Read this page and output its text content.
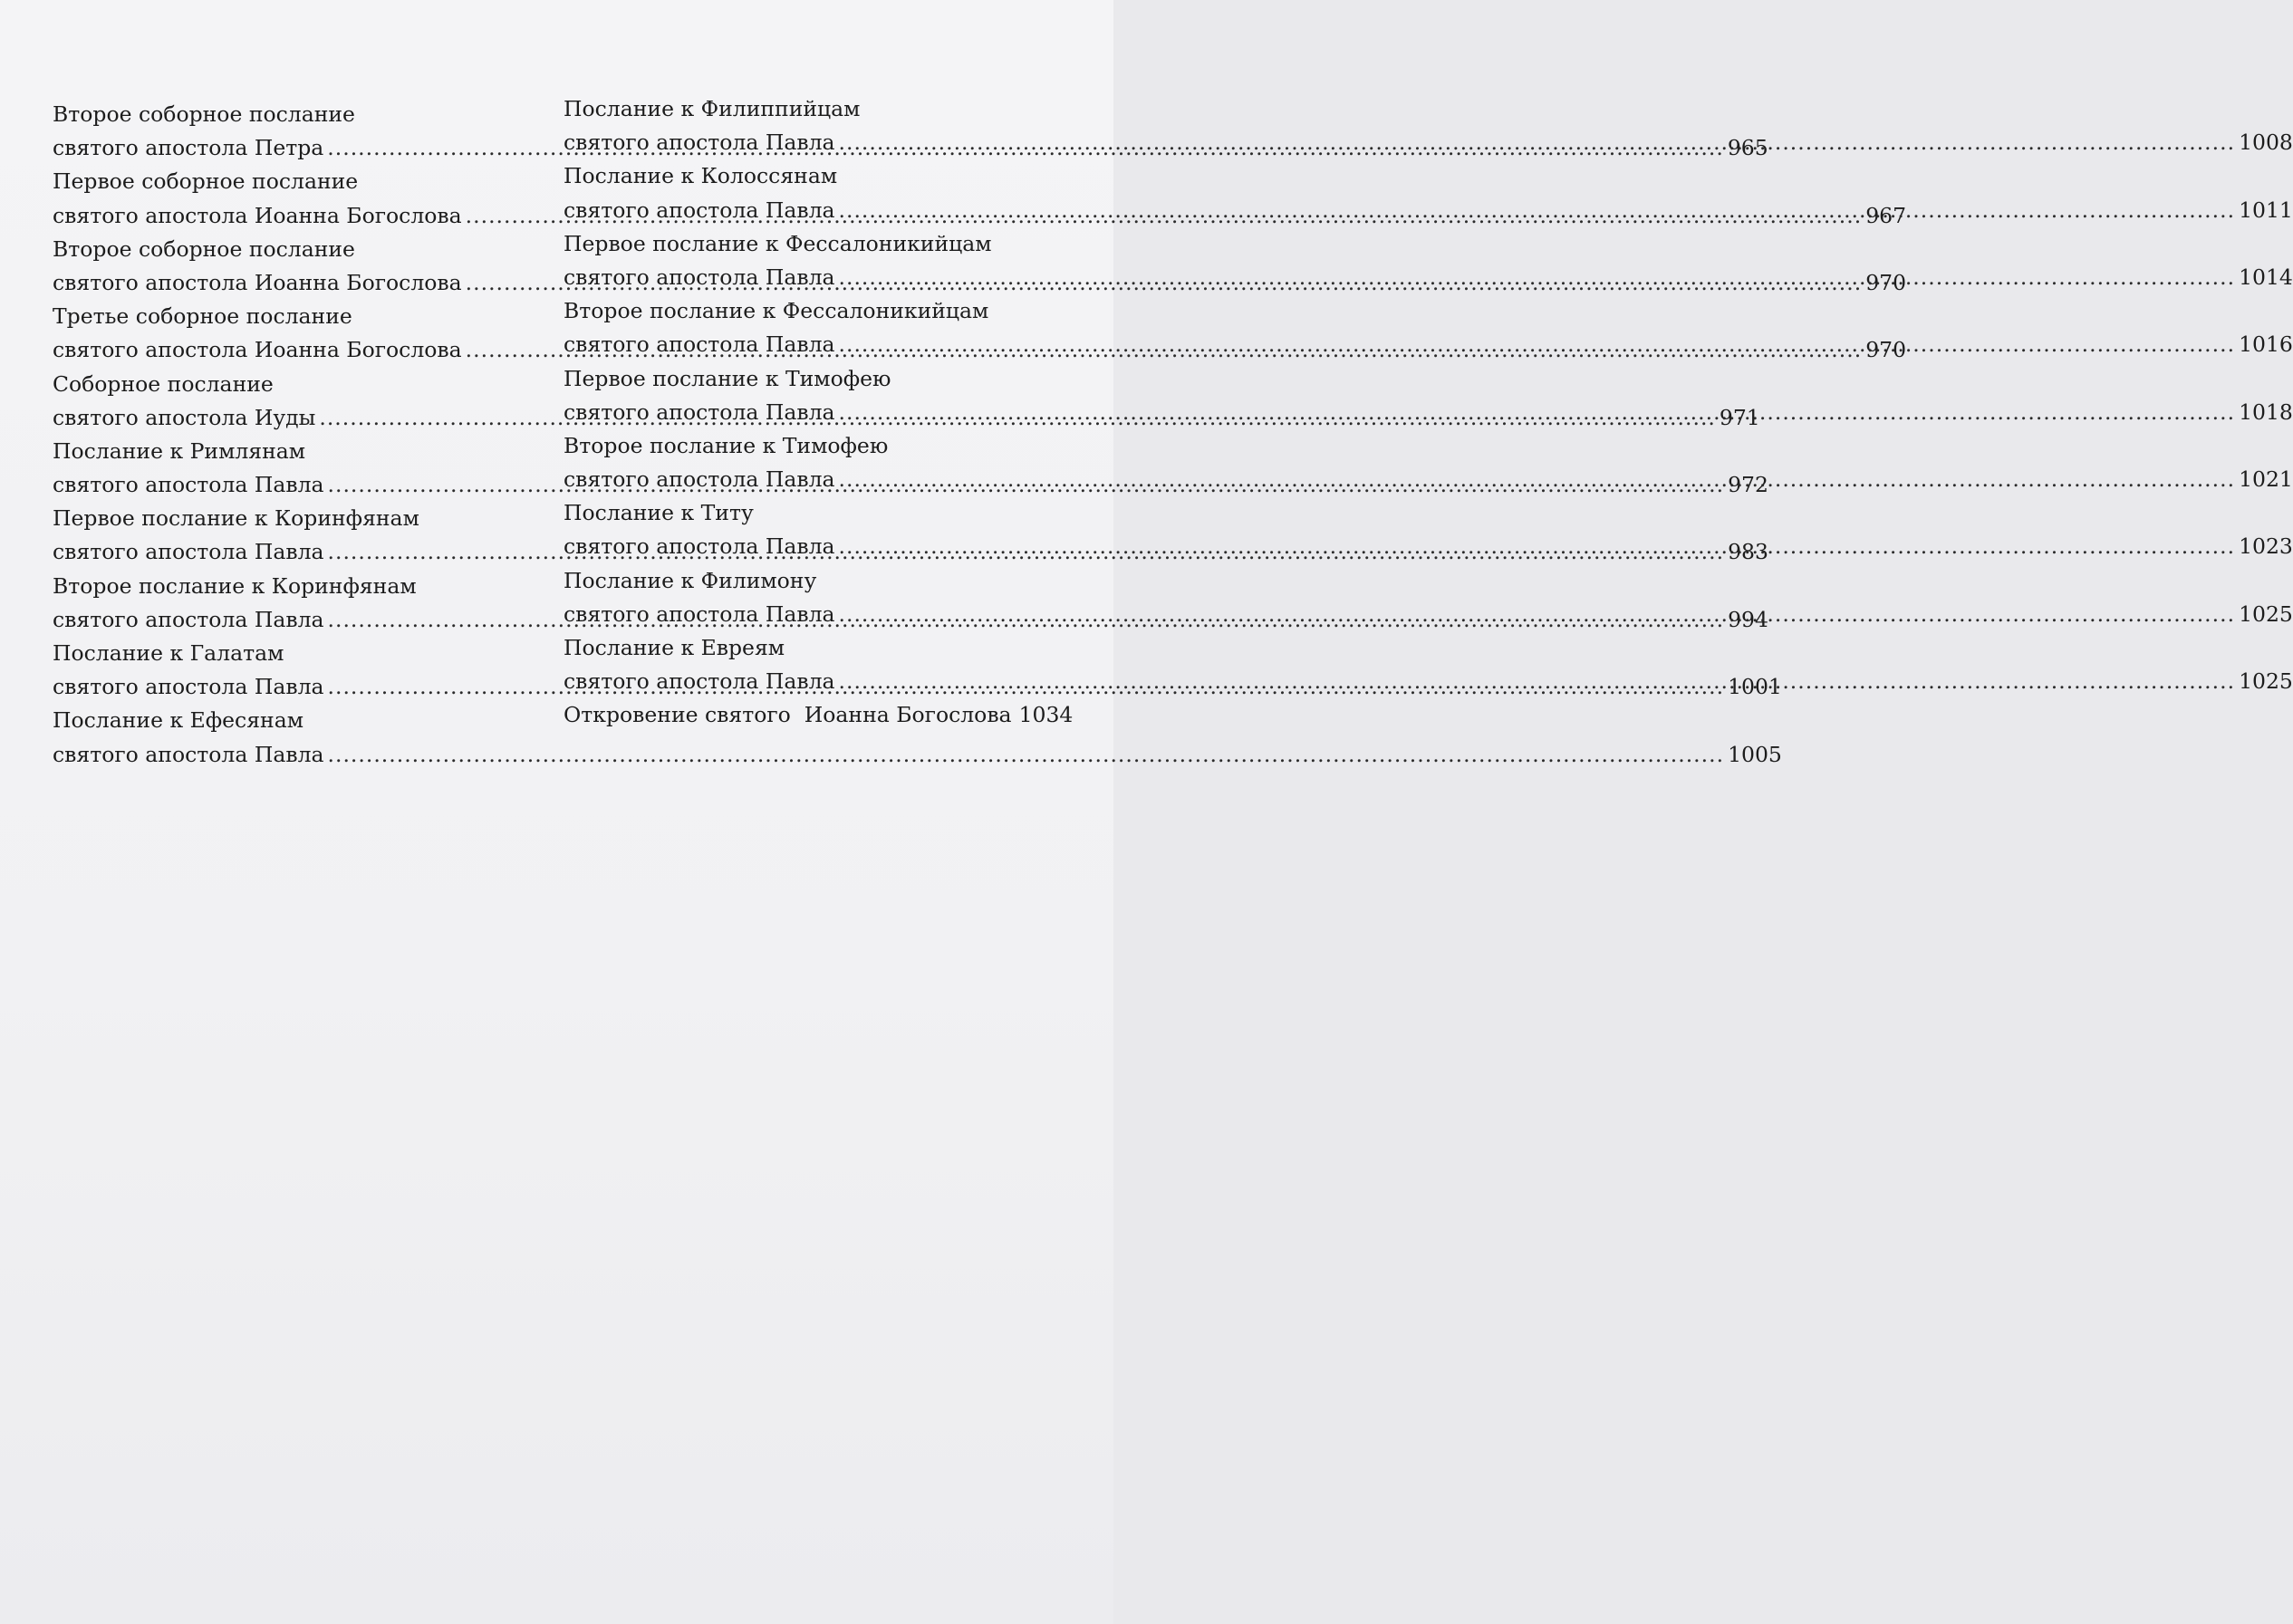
Второе соборное послание
святого апостола Петра .....	965
Первое соборное послание
святого апостола Иоанна Богослова .....	967
Второе соборное послание
святого апостола Иоанна Богослова .....	970
Третье соборное послание
святого апостола Иоанна Богослова .....	970
Соборное послание
святого апостола Иуды .....	971
Послание к Римлянам
святого апостола Павла .....	972
Первое послание к Коринфянам
святого апостола Павла .....	983
Второе послание к Коринфянам
святого апостола Павла .....	994
Послание к Галатам
святого апостола Павла .....	1001
Послание к Ефесянам
святого апостола Павла .....	1005
Послание к Филиппийцам
святого апостола Павла .....	1008
Послание к Колоссянам
святого апостола Павла .....	1011
Первое послание к Фессалоникийцам
святого апостола Павла .....	1014
Второе послание к Фессалоникийцам
святого апостола Павла .....	1016
Первое послание к Тимофею
святого апостола Павла .....	1018
Второе послание к Тимофею
святого апостола Павла .....	1021
Послание к Титу
святого апостола Павла .....	1023
Послание к Филимону
святого апостола Павла .....	1025
Послание к Евреям
святого апостола Павла .....	1025
Откровение святого  Иоанна Богослова 1034
